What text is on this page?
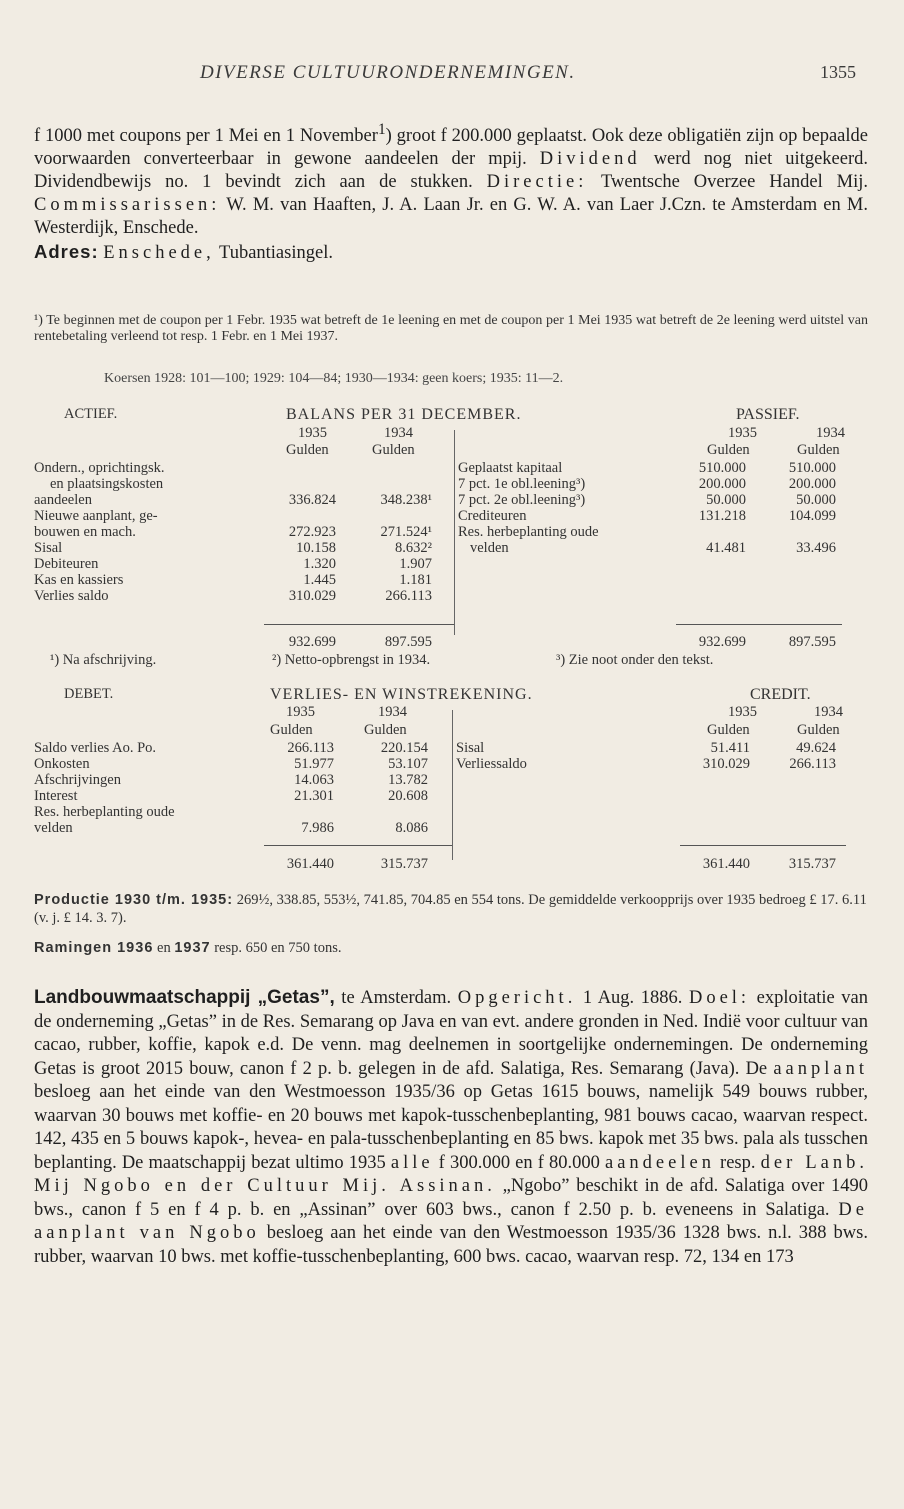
DIVERSE CULTUURONDERNEMINGEN.	1355
f 1000 met coupons per 1 Mei en 1 November$^1$) groot f 200.000 geplaatst. Ook deze obligatiën zijn op bepaalde voorwaarden converteerbaar in gewone aandeelen der mpij. Dividend werd nog niet uitgekeerd. Dividendbewijs no. 1 bevindt zich aan de stukken. Directie: Twentsche Overzee Handel Mij. Commissarissen: W. M. van Haaften, J. A. Laan Jr. en G. W. A. van Laer J.Czn. te Amsterdam en M. Westerdijk, Enschede.
Adres: Enschede, Tubantiasingel.
¹) Te beginnen met de coupon per 1 Febr. 1935 wat betreft de 1e leening en met de coupon per 1 Mei 1935 wat betreft de 2e leening werd uitstel van rentebetaling verleend tot resp. 1 Febr. en 1 Mei 1937.
Koersen 1928: 101—100; 1929: 104—84; 1930—1934: geen koers; 1935: 11—2.
ACTIEF.	BALANS PER 31 DECEMBER.	PASSIEF.
1935	1934
Gulden	Gulden
1935	1934
Gulden	Gulden
Ondern., oprichtingsk.
en plaatsingskosten
aandeelen	336.824	348.238¹
Nieuwe aanplant, ge-
bouwen en mach.	272.923	271.524¹
Sisal	10.158	8.632²
Debiteuren	1.320	1.907
Kas en kassiers	1.445	1.181
Verlies saldo	310.029	266.113
Geplaatst kapitaal	510.000	510.000
7 pct. 1e obl.leening³)	200.000	200.000
7 pct. 2e obl.leening³)	50.000	50.000
Crediteuren	131.218	104.099
Res. herbeplanting oude
velden	41.481	33.496
932.699	897.595	932.699	897.595
¹) Na afschrijving.	²) Netto-opbrengst in 1934.	³) Zie noot onder den tekst.
DEBET.	VERLIES- EN WINSTREKENING.	CREDIT.
1935	1934
Gulden	Gulden
1935	1934
Gulden	Gulden
Saldo verlies Ao. Po.	266.113	220.154
Onkosten	51.977	53.107
Afschrijvingen	14.063	13.782
Interest	21.301	20.608
Res. herbeplanting oude
velden	7.986	8.086
Sisal	51.411	49.624
Verliessaldo	310.029	266.113
361.440	315.737	361.440	315.737
Productie 1930 t/m. 1935: 269½, 338.85, 553½, 741.85, 704.85 en 554 tons. De gemiddelde verkoopprijs over 1935 bedroeg £ 17. 6.11 (v. j. £ 14. 3. 7).
Ramingen 1936 en 1937 resp. 650 en 750 tons.
Landbouwmaatschappij „Getas”, te Amsterdam. Opgericht. 1 Aug. 1886. Doel: exploitatie van de onderneming „Getas” in de Res. Semarang op Java en van evt. andere gronden in Ned. Indië voor cultuur van cacao, rubber, koffie, kapok e.d. De venn. mag deelnemen in soortgelijke ondernemingen. De onderneming Getas is groot 2015 bouw, canon f 2 p. b. gelegen in de afd. Salatiga, Res. Semarang (Java). De aanplant besloeg aan het einde van den Westmoesson 1935/36 op Getas 1615 bouws, namelijk 549 bouws rubber, waarvan 30 bouws met koffie- en 20 bouws met kapok-tusschenbeplanting, 981 bouws cacao, waarvan respect. 142, 435 en 5 bouws kapok-, hevea- en pala-tusschenbeplanting en 85 bws. kapok met 35 bws. pala als tusschen beplanting. De maatschappij bezat ultimo 1935 alle f 300.000 en f 80.000 aandeelen resp. der Lanb. Mij Ngobo en der Cultuur Mij. Assinan. „Ngobo” beschikt in de afd. Salatiga over 1490 bws., canon f 5 en f 4 p. b. en „Assinan” over 603 bws., canon f 2.50 p. b. eveneens in Salatiga. De aanplant van Ngobo besloeg aan het einde van den Westmoesson 1935/36 1328 bws. n.l. 388 bws. rubber, waarvan 10 bws. met koffie-tusschenbeplanting, 600 bws. cacao, waarvan resp. 72, 134 en 173
